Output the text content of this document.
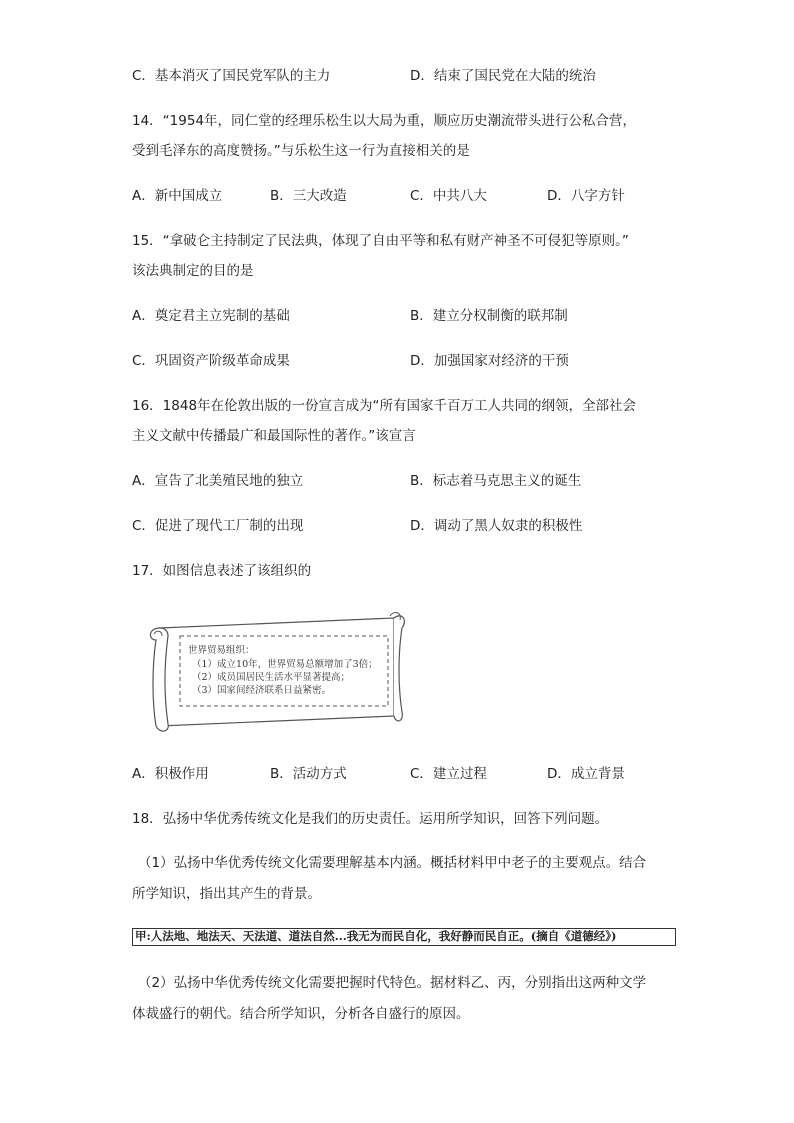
C．基本消灭了国民党军队的主力	D．结束了国民党在大陆的统治
14．“1954年，同仁堂的经理乐松生以大局为重，顺应历史潮流带头进行公私合营，
受到毛泽东的高度赞扬。”与乐松生这一行为直接相关的是
A．新中国成立	B．三大改造	C．中共八大	D．八字方针
15．“拿破仑主持制定了民法典，体现了自由平等和私有财产神圣不可侵犯等原则。”
该法典制定的目的是
A．奠定君主立宪制的基础	B．建立分权制衡的联邦制
C．巩固资产阶级革命成果	D．加强国家对经济的干预
16．1848年在伦敦出版的一份宣言成为“所有国家千百万工人共同的纲领，全部社会
主义文献中传播最广和最国际性的著作。”该宣言
A．宣告了北美殖民地的独立	B．标志着马克思主义的诞生
C．促进了现代工厂制的出现	D．调动了黑人奴隶的积极性
17．如图信息表述了该组织的
世界贸易组织：
（1）成立10年，世界贸易总额增加了3倍；
（2）成员国居民生活水平显著提高；
（3）国家间经济联系日益紧密。
A．积极作用	B．活动方式	C．建立过程	D．成立背景
18．弘扬中华优秀传统文化是我们的历史责任。运用所学知识，回答下列问题。
（1）弘扬中华优秀传统文化需要理解基本内涵。概括材料甲中老子的主要观点。结合
所学知识，指出其产生的背景。
甲:人法地、地法天、天法道、道法自然...我无为而民自化，我好静而民自正。(摘自《道德经》)
（2）弘扬中华优秀传统文化需要把握时代特色。据材料乙、丙，分别指出这两种文学
体裁盛行的朝代。结合所学知识，分析各自盛行的原因。
